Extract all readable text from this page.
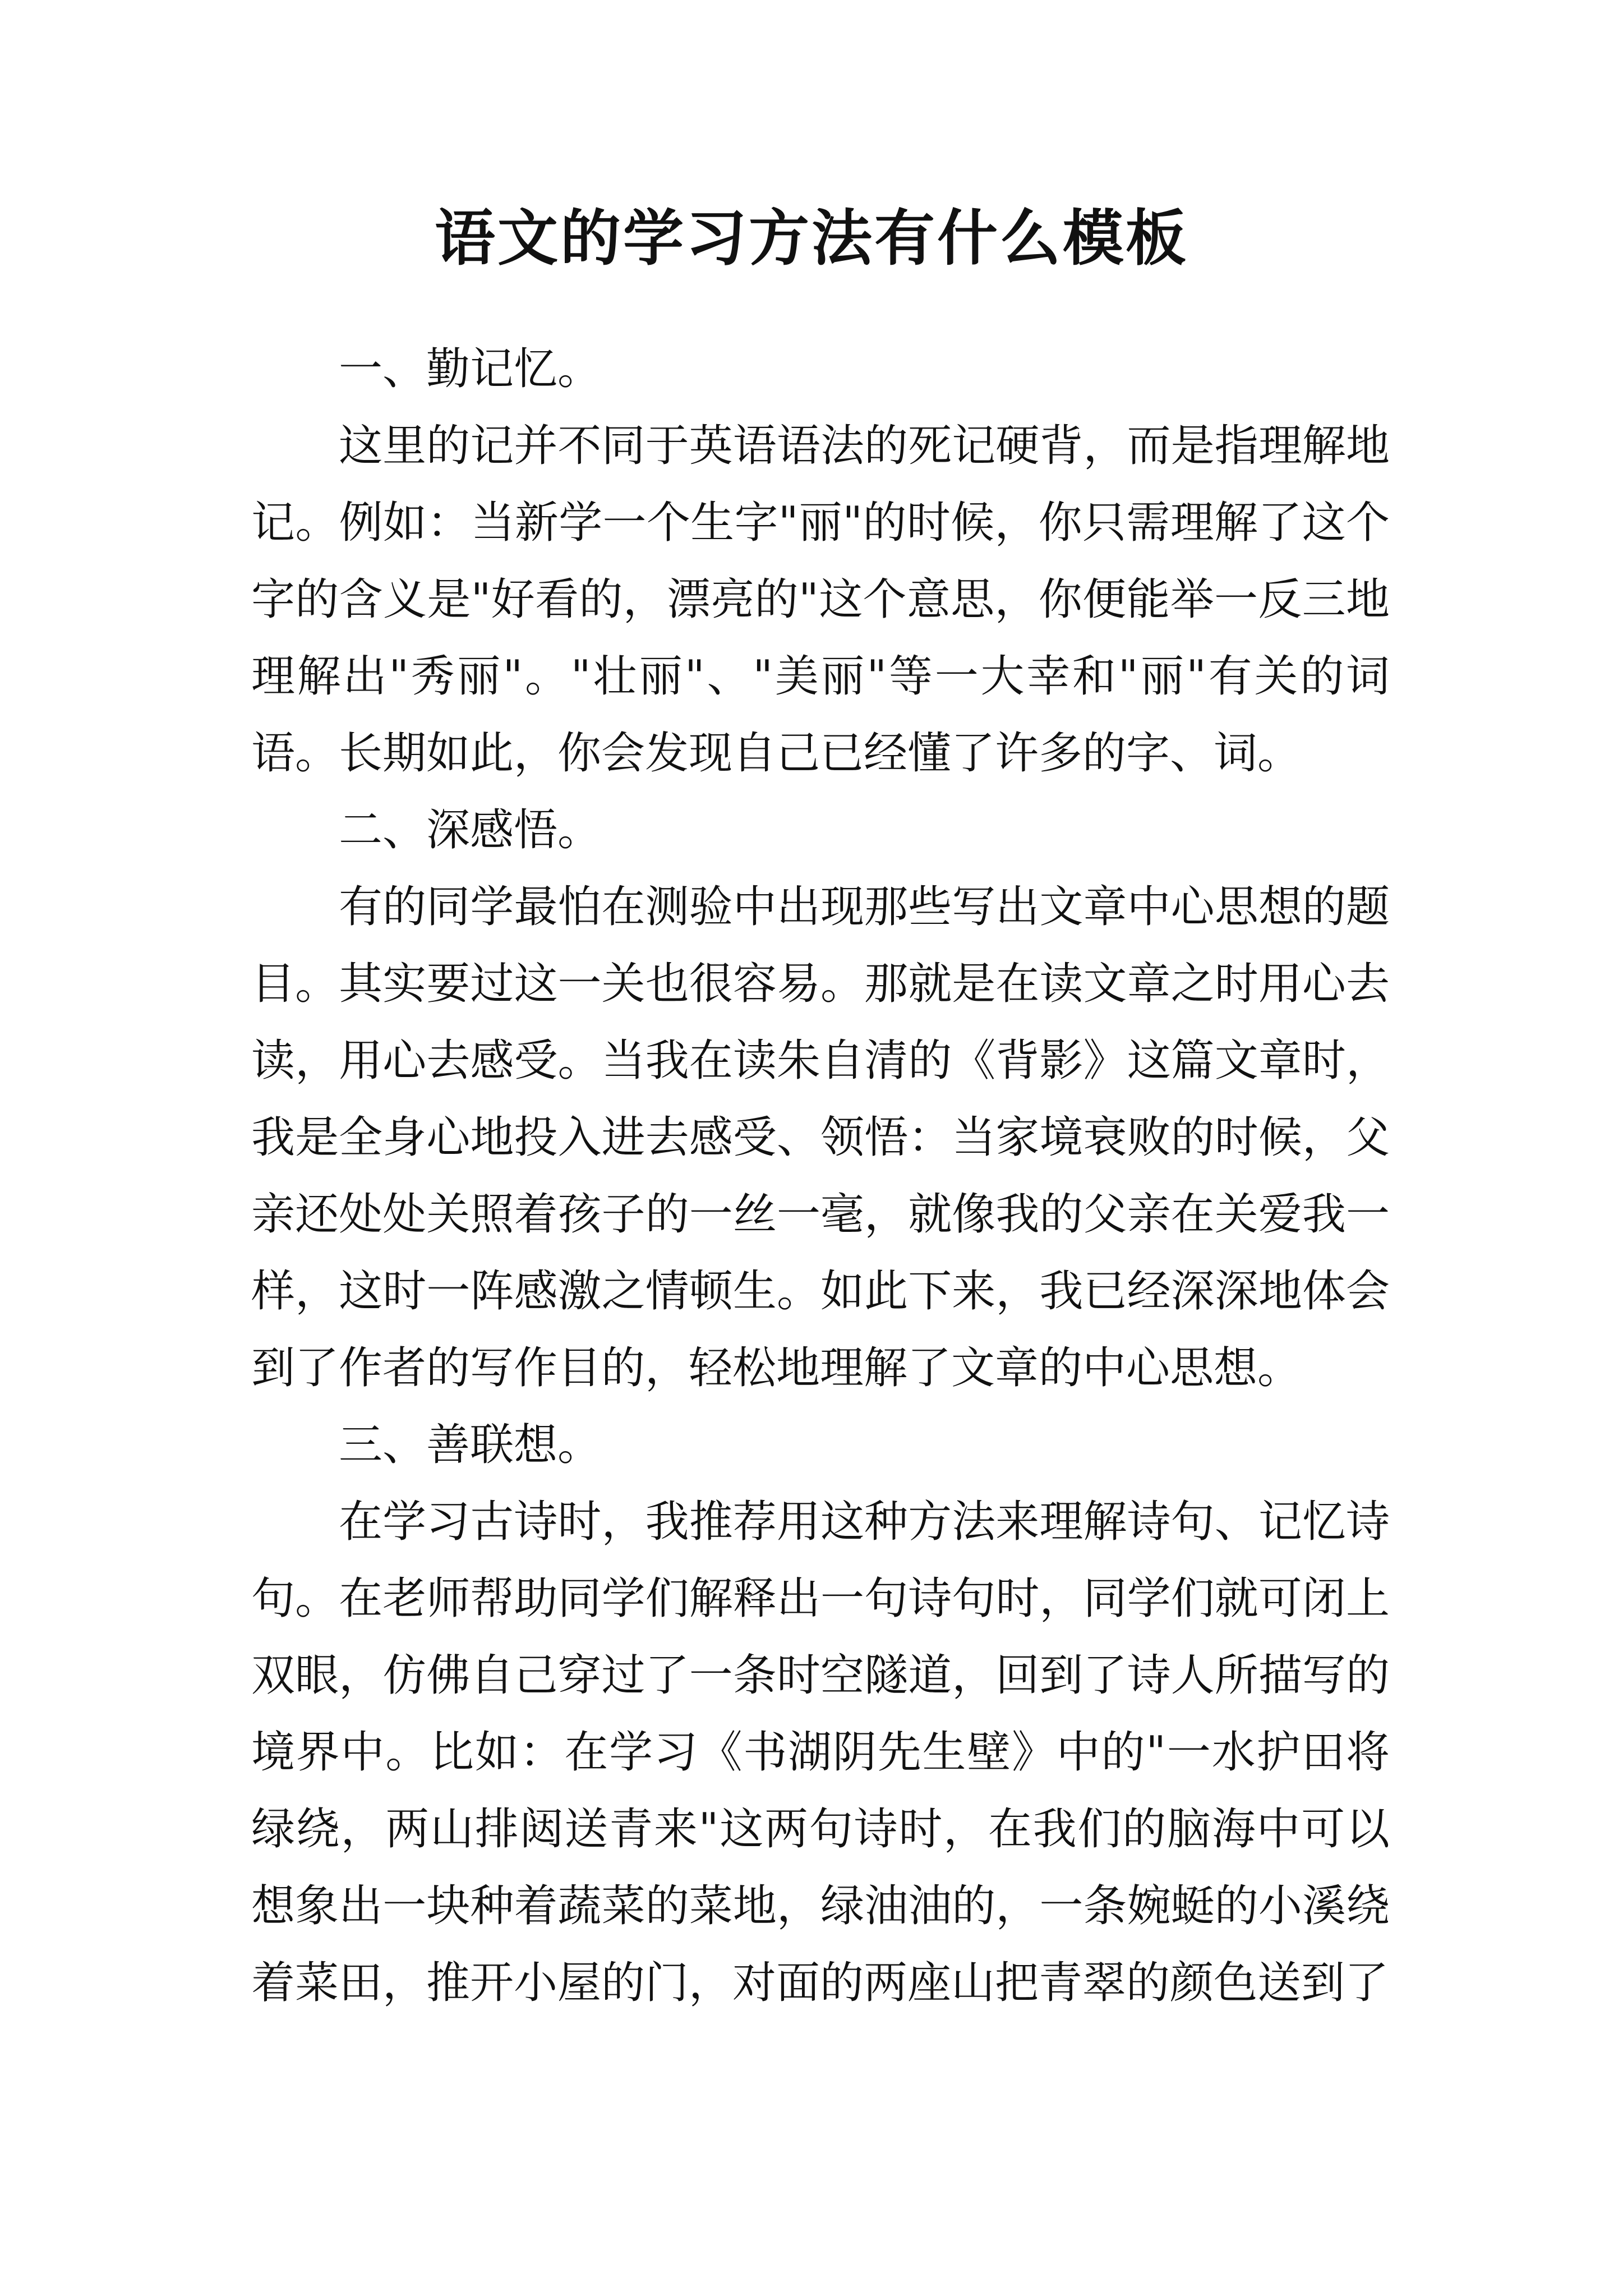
语文的学习方法有什么模板

一、勤记忆。

这里的记并不同于英语语法的死记硬背，而是指理解地记。例如：当新学一个生字"丽"的时候，你只需理解了这个字的含义是"好看的，漂亮的"这个意思，你便能举一反三地理解出"秀丽"。"壮丽"、"美丽"等一大幸和"丽"有关的词语。长期如此，你会发现自己已经懂了许多的字、词。

二、深感悟。

有的同学最怕在测验中出现那些写出文章中心思想的题目。其实要过这一关也很容易。那就是在读文章之时用心去读，用心去感受。当我在读朱自清的《背影》这篇文章时，我是全身心地投入进去感受、领悟：当家境衰败的时候，父亲还处处关照着孩子的一丝一毫，就像我的父亲在关爱我一样，这时一阵感激之情顿生。如此下来，我已经深深地体会到了作者的写作目的，轻松地理解了文章的中心思想。

三、善联想。

在学习古诗时，我推荐用这种方法来理解诗句、记忆诗句。在老师帮助同学们解释出一句诗句时，同学们就可闭上双眼，仿佛自己穿过了一条时空隧道，回到了诗人所描写的境界中。比如：在学习《书湖阴先生壁》中的"一水护田将绿绕，两山排闼送青来"这两句诗时，在我们的脑海中可以想象出一块种着蔬菜的菜地，绿油油的，一条婉蜓的小溪绕着菜田，推开小屋的门，对面的两座山把青翠的颜色送到了
